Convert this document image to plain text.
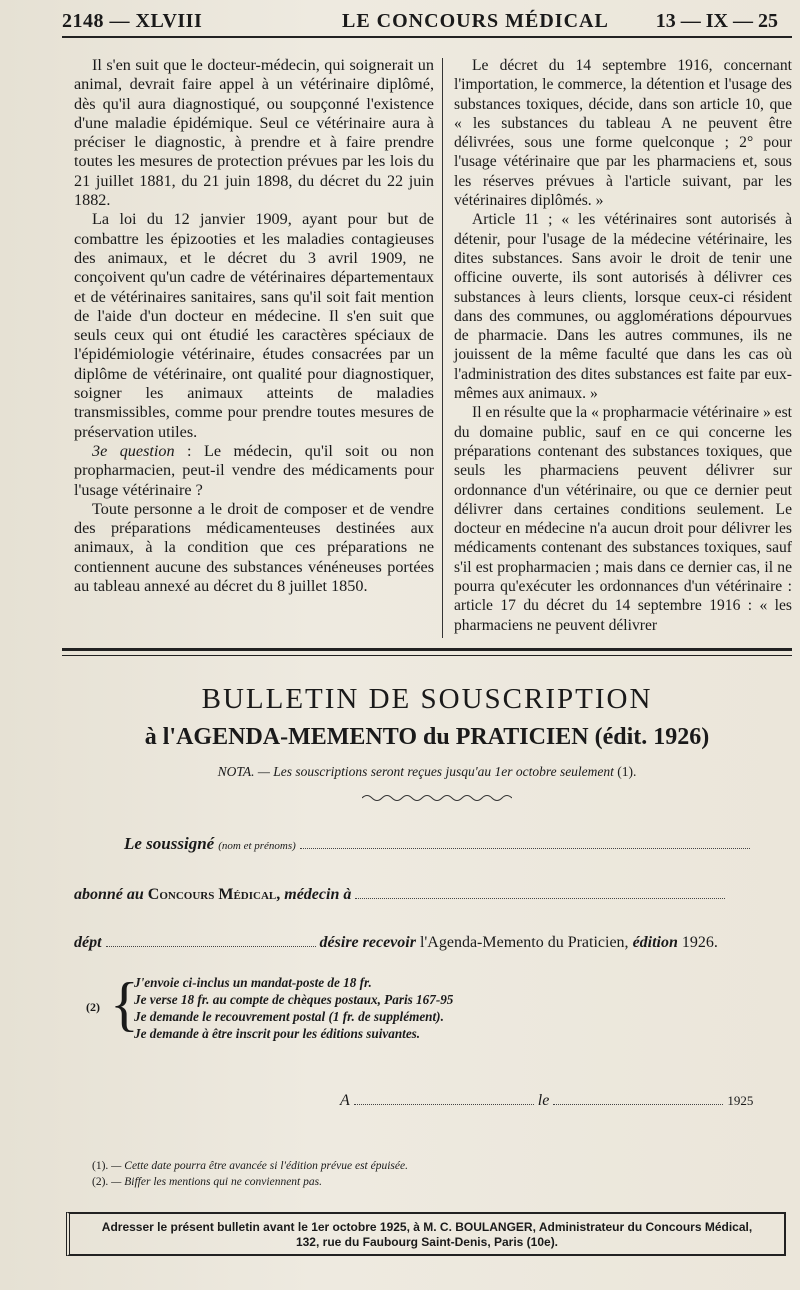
2148 — XLVIII	LE CONCOURS MÉDICAL 13 — IX — 25

Il s'en suit que le docteur-médecin, qui soignerait un animal, devrait faire appel à un vétérinaire diplômé, dès qu'il aura diagnostiqué, ou soupçonné l'existence d'une maladie épidémique. Seul ce vétérinaire aura à préciser le diagnostic, à prendre et à faire prendre toutes les mesures de protection prévues par les lois du 21 juillet 1881, du 21 juin 1898, du décret du 22 juin 1882.

La loi du 12 janvier 1909, ayant pour but de combattre les épizooties et les maladies contagieuses des animaux, et le décret du 3 avril 1909, ne conçoivent qu'un cadre de vétérinaires départementaux et de vétérinaires sanitaires, sans qu'il soit fait mention de l'aide d'un docteur en médecine. Il s'en suit que seuls ceux qui ont étudié les caractères spéciaux de l'épidémiologie vétérinaire, études consacrées par un diplôme de vétérinaire, ont qualité pour diagnostiquer, soigner les animaux atteints de maladies transmissibles, comme pour prendre toutes mesures de préservation utiles.

3e question : Le médecin, qu'il soit ou non propharmacien, peut-il vendre des médicaments pour l'usage vétérinaire ?

Toute personne a le droit de composer et de vendre des préparations médicamenteuses destinées aux animaux, à la condition que ces préparations ne contiennent aucune des substances vénéneuses portées au tableau annexé au décret du 8 juillet 1850.

Le décret du 14 septembre 1916, concernant l'importation, le commerce, la détention et l'usage des substances toxiques, décide, dans son article 10, que « les substances du tableau A ne peuvent être délivrées, sous une forme quelconque ; 2° pour l'usage vétérinaire que par les pharmaciens et, sous les réserves prévues à l'article suivant, par les vétérinaires diplômés. »

Article 11 ; « les vétérinaires sont autorisés à détenir, pour l'usage de la médecine vétérinaire, les dites substances. Sans avoir le droit de tenir une officine ouverte, ils sont autorisés à délivrer ces substances à leurs clients, lorsque ceux-ci résident dans des communes, ou agglomérations dépourvues de pharmacie. Dans les autres communes, ils ne jouissent de la même faculté que dans les cas où l'administration des dites substances est faite par eux-mêmes aux animaux. »

Il en résulte que la « propharmacie vétérinaire » est du domaine public, sauf en ce qui concerne les préparations contenant des substances toxiques, que seuls les pharmaciens peuvent délivrer sur ordonnance d'un vétérinaire, ou que ce dernier peut délivrer dans certaines conditions seulement. Le docteur en médecine n'a aucun droit pour délivrer les médicaments contenant des substances toxiques, sauf s'il est propharmacien ; mais dans ce dernier cas, il ne pourra qu'exécuter les ordonnances d'un vétérinaire : article 17 du décret du 14 septembre 1916 : « les pharmaciens ne peuvent délivrer

BULLETIN DE SOUSCRIPTION
à l'AGENDA-MEMENTO du PRATICIEN (édit. 1926)
NOTA. — Les souscriptions seront reçues jusqu'au 1er octobre seulement (1).
Le soussigné (nom et prénoms)
abonné au Concours Médical, médecin à
dépt	désire recevoir l'Agenda-Memento du Praticien, édition 1926.
(2) {
J'envoie ci-inclus un mandat-poste de 18 fr.
Je verse 18 fr. au compte de chèques postaux, Paris 167-95
Je demande le recouvrement postal (1 fr. de supplément).
Je demande à être inscrit pour les éditions suivantes.
A	le	1925
(1). — Cette date pourra être avancée si l'édition prévue est épuisée.
(2). — Biffer les mentions qui ne conviennent pas.
Adresser le présent bulletin avant le 1er octobre 1925, à M. C. BOULANGER, Administrateur du Concours Médical,
132, rue du Faubourg Saint-Denis, Paris (10e).
